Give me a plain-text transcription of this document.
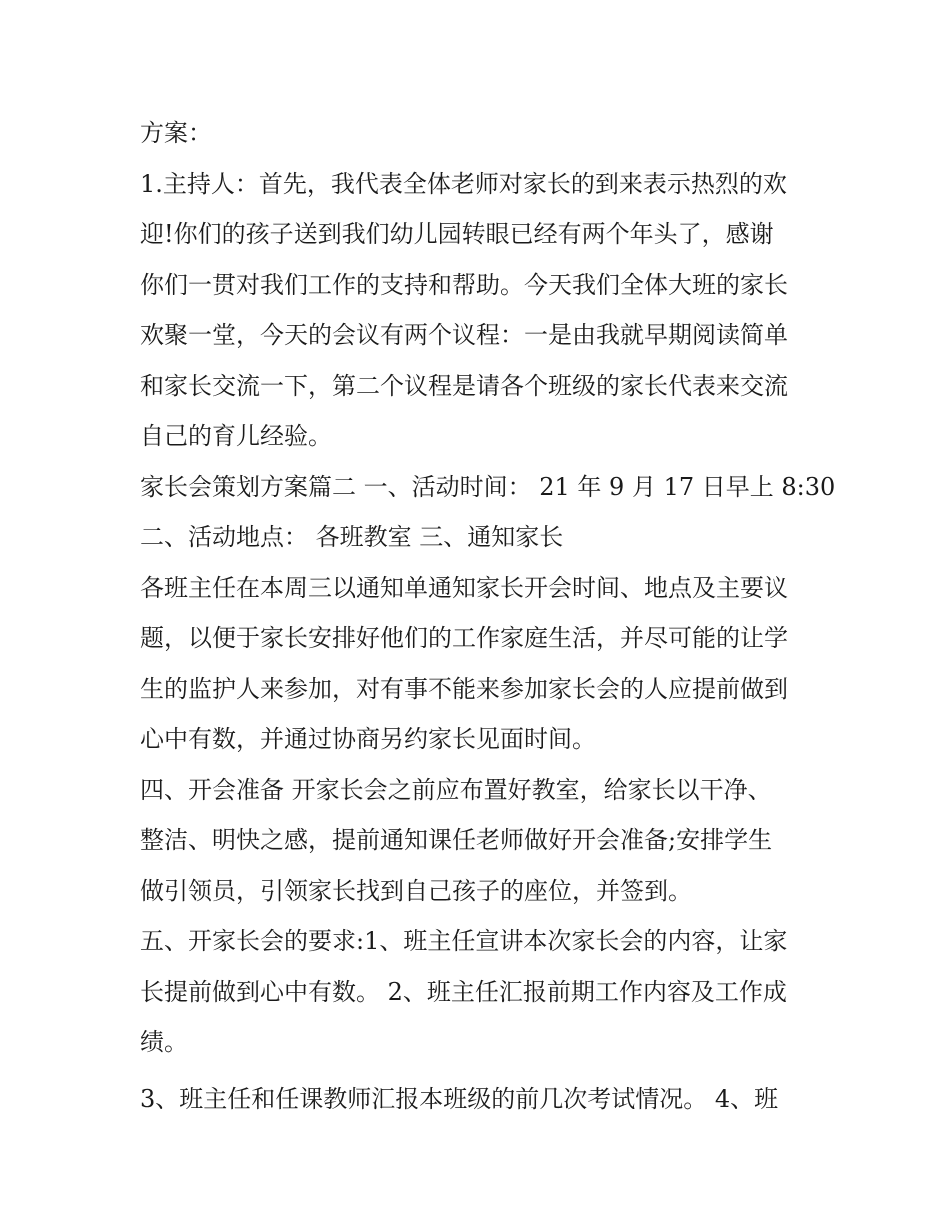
方案：
1.主持人：首先，我代表全体老师对家长的到来表示热烈的欢
迎!你们的孩子送到我们幼儿园转眼已经有两个年头了，感谢
你们一贯对我们工作的支持和帮助。今天我们全体大班的家长
欢聚一堂，今天的会议有两个议程：一是由我就早期阅读简单
和家长交流一下，第二个议程是请各个班级的家长代表来交流
自己的育儿经验。
家长会策划方案篇二 一、活动时间： 21 年 9 月 17 日早上 8:30
二、活动地点： 各班教室 三、通知家长
各班主任在本周三以通知单通知家长开会时间、地点及主要议
题，以便于家长安排好他们的工作家庭生活，并尽可能的让学
生的监护人来参加，对有事不能来参加家长会的人应提前做到
心中有数，并通过协商另约家长见面时间。
四、开会准备 开家长会之前应布置好教室，给家长以干净、
整洁、明快之感，提前通知课任老师做好开会准备;安排学生
做引领员，引领家长找到自己孩子的座位，并签到。
五、开家长会的要求:1、班主任宣讲本次家长会的内容，让家
长提前做到心中有数。 2、班主任汇报前期工作内容及工作成
绩。
3、班主任和任课教师汇报本班级的前几次考试情况。 4、班
